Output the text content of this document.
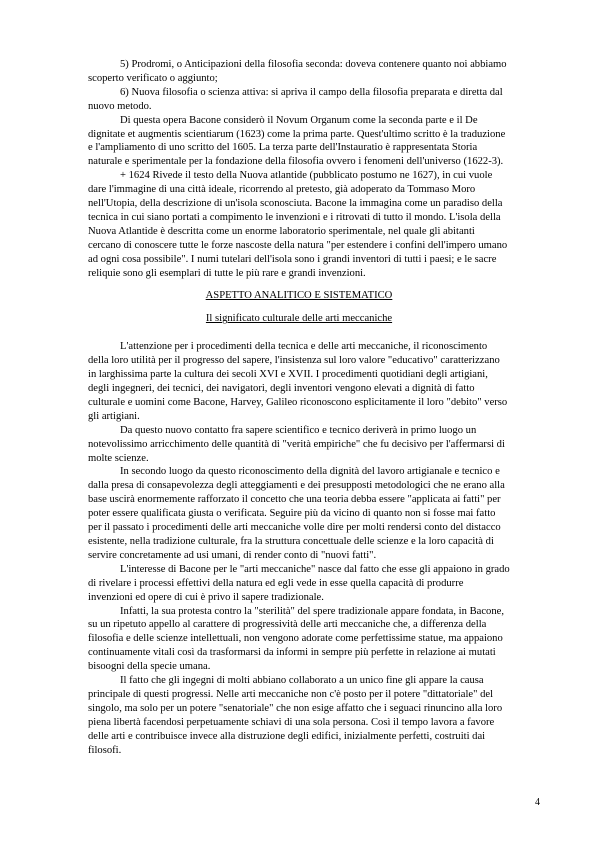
5) Prodromi, o Anticipazioni della filosofia seconda: doveva contenere quanto noi abbiamo scoperto verificato o aggiunto;

6) Nuova filosofia o scienza attiva: si apriva il campo della filosofia preparata e diretta dal nuovo metodo.

Di questa opera Bacone considerò il Novum Organum come la seconda parte e il De dignitate et augmentis scientiarum (1623) come la prima parte. Quest'ultimo scritto è la traduzione e l'ampliamento di uno scritto del 1605. La terza parte dell'Instauratio è rappresentata Storia naturale e sperimentale per la fondazione della filosofia ovvero i fenomeni dell'universo (1622-3).

+ 1624 Rivede il testo della Nuova atlantide (pubblicato postumo ne 1627), in cui vuole dare l'immagine di una città ideale, ricorrendo al pretesto, già adoperato da Tommaso Moro nell'Utopia, della descrizione di un'isola sconosciuta. Bacone la immagina come un paradiso della tecnica in cui siano portati a compimento le invenzioni e i ritrovati di tutto il mondo. L'isola della Nuova Atlantide è descritta come un enorme laboratorio sperimentale, nel quale gli abitanti cercano di conoscere tutte le forze nascoste della natura "per estendere i confini dell'impero umano ad ogni cosa possibile". I numi tutelari dell'isola sono i grandi inventori di tutti i paesi; e le sacre reliquie sono gli esemplari di tutte le più rare e grandi invenzioni.

ASPETTO ANALITICO E SISTEMATICO

Il significato culturale delle arti meccaniche

L'attenzione per i procedimenti della tecnica e delle arti meccaniche, il riconoscimento della loro utilità per il progresso del sapere, l'insistenza sul loro valore "educativo" caratterizzano in larghissima parte la cultura dei secoli XVI e XVII. I procedimenti quotidiani degli artigiani, degli ingegneri, dei tecnici, dei navigatori, degli inventori vengono elevati a dignità di fatto culturale e uomini come Bacone, Harvey, Galileo riconoscono esplicitamente il loro "debito" verso gli artigiani.

Da questo nuovo contatto fra sapere scientifico e tecnico deriverà in primo luogo un notevolissimo arricchimento delle quantità di "verità empiriche" che fu decisivo per l'affermarsi di molte scienze.

In secondo luogo da questo riconoscimento della dignità del lavoro artigianale e tecnico e dalla presa di consapevolezza degli atteggiamenti e dei presupposti metodologici che ne erano alla base uscirà enormemente rafforzato il concetto che una teoria debba essere "applicata ai fatti" per poter essere qualificata giusta o verificata. Seguire più da vicino di quanto non si fosse mai fatto per il passato i procedimenti delle arti meccaniche volle dire per molti rendersi conto del distacco esistente, nella tradizione culturale, fra la struttura concettuale delle scienze e la loro capacità di servire concretamente ad usi umani, di render conto di "nuovi fatti".

L'interesse di Bacone per le "arti meccaniche" nasce dal fatto che esse gli appaiono in grado di rivelare i processi effettivi della natura ed egli vede in esse quella capacità di produrre invenzioni ed opere di cui è privo il sapere tradizionale.

Infatti, la sua protesta contro la "sterilità" del spere tradizionale appare fondata, in Bacone, su un ripetuto appello al carattere di progressività delle arti meccaniche che, a differenza della filosofia e delle scienze intellettuali, non vengono adorate come perfettissime statue, ma appaiono continuamente vitali così da trasformarsi da informi in sempre più perfette in relazione ai mutati bisoogni della specie umana.

Il fatto che gli ingegni di molti abbiano collaborato a un unico fine gli appare la causa principale di questi progressi. Nelle arti meccaniche non c'è posto per il potere "dittatoriale" del singolo, ma solo per un potere "senatoriale" che non esige affatto che i seguaci rinuncino alla loro piena libertà facendosi perpetuamente schiavi di una sola persona. Così il tempo lavora a favore delle arti e contribuisce invece alla distruzione degli edifici, inizialmente perfetti, costruiti dai filosofi.

4
